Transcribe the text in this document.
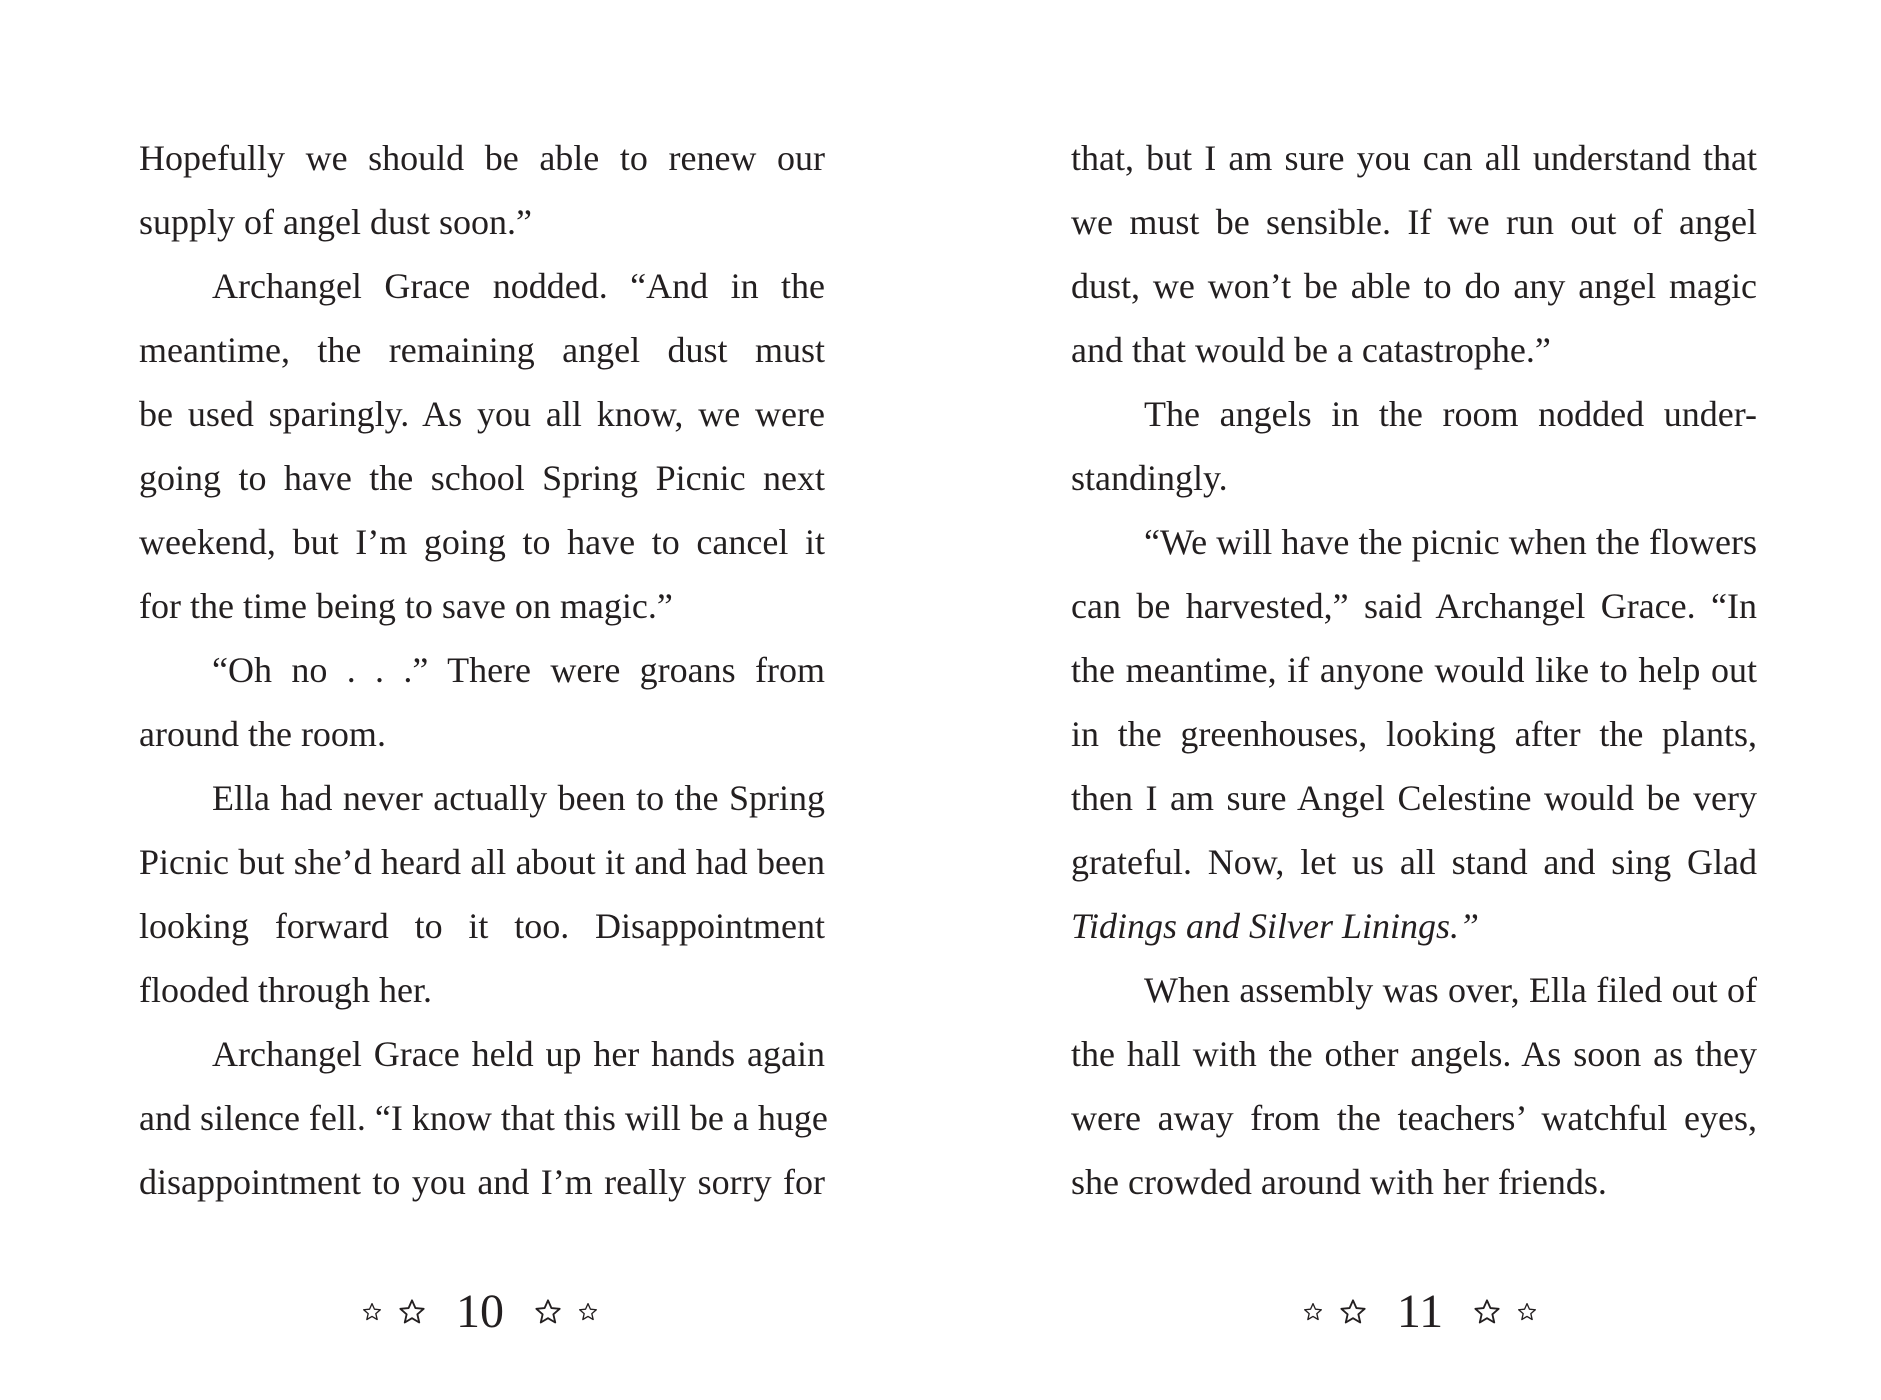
Hopefully we should be able to renew our
supply of angel dust soon.”
Archangel Grace nodded. “And in the
meantime, the remaining angel dust must
be used sparingly. As you all know, we were
going to have the school Spring Picnic next
weekend, but I’m going to have to cancel it
for the time being to save on magic.”
“Oh no . . .” There were groans from
around the room.
Ella had never actually been to the Spring
Picnic but she’d heard all about it and had been
looking forward to it too. Disappointment
flooded through her.
Archangel Grace held up her hands again
and silence fell. “I know that this will be a huge
disappointment to you and I’m really sorry for
10
that, but I am sure you can all understand that
we must be sensible. If we run out of angel
dust, we won’t be able to do any angel magic
and that would be a catastrophe.”
The angels in the room nodded under-
standingly.
“We will have the picnic when the flowers
can be harvested,” said Archangel Grace. “In
the meantime, if anyone would like to help out
in the greenhouses, looking after the plants,
then I am sure Angel Celestine would be very
grateful. Now, let us all stand and sing Glad
Tidings and Silver Linings.”
When assembly was over, Ella filed out of
the hall with the other angels. As soon as they
were away from the teachers’ watchful eyes,
she crowded around with her friends.
11
